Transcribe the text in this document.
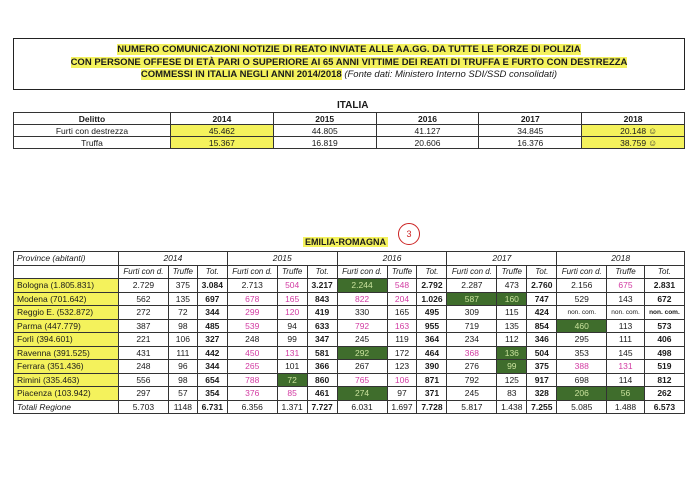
NUMERO COMUNICAZIONI NOTIZIE DI REATO INVIATE ALLE AA.GG. DA TUTTE LE FORZE DI POLIZIA
CON PERSONE OFFESE DI ETÀ PARI O SUPERIORE AI 65 ANNI VITTIME DEI REATI DI TRUFFA E FURTO CON DESTREZZA
COMMESSI IN ITALIA NEGLI ANNI 2014/2018 (Fonte dati: Ministero Interno SDI/SSD consolidati)
ITALIA
Delitto	2014	2015	2016	2017	2018
Furti con destrezza	45.462	44.805	41.127	34.845	20.148
Truffa	15.367	16.819	20.606	16.376	38.759
☺
☺
EMILIA-ROMAGNA
3
Province (abitanti)	2014			2015			2016			2017			2018		
	Furti con d.	Truffe	Tot.	Furti con d.	Truffe	Tot.	Furti con d.	Truffe	Tot.	Furti con d.	Truffe	Tot.	Furti con d.	Truffe	Tot.
Bologna (1.805.831)	2.729	375	3.084	2.713	504	3.217	2.244	548	2.792	2.287	473	2.760	2.156	675	2.831
Modena (701.642)	562	135	697	678	165	843	822	204	1.026	587	160	747	529	143	672
Reggio E. (532.872)	272	72	344	299	120	419	330	165	495	309	115	424	non. com.	non. com.	non. com.
Parma (447.779)	387	98	485	539	94	633	792	163	955	719	135	854	460	113	573
Forlì (394.601)	221	106	327	248	99	347	245	119	364	234	112	346	295	111	406
Ravenna (391.525)	431	111	442	450	131	581	292	172	464	368	136	504	353	145	498
Ferrara (351.436)	248	96	344	265	101	366	267	123	390	276	99	375	388	131	519
Rimini (335.463)	556	98	654	788	72	860	765	106	871	792	125	917	698	114	812
Piacenza (103.942)	297	57	354	376	85	461	274	97	371	245	83	328	206	56	262
Totali Regione	5.703	1148	6.731	6.356	1.371	7.727	6.031	1.697	7.728	5.817	1.438	7.255	5.085	1.488	6.573
